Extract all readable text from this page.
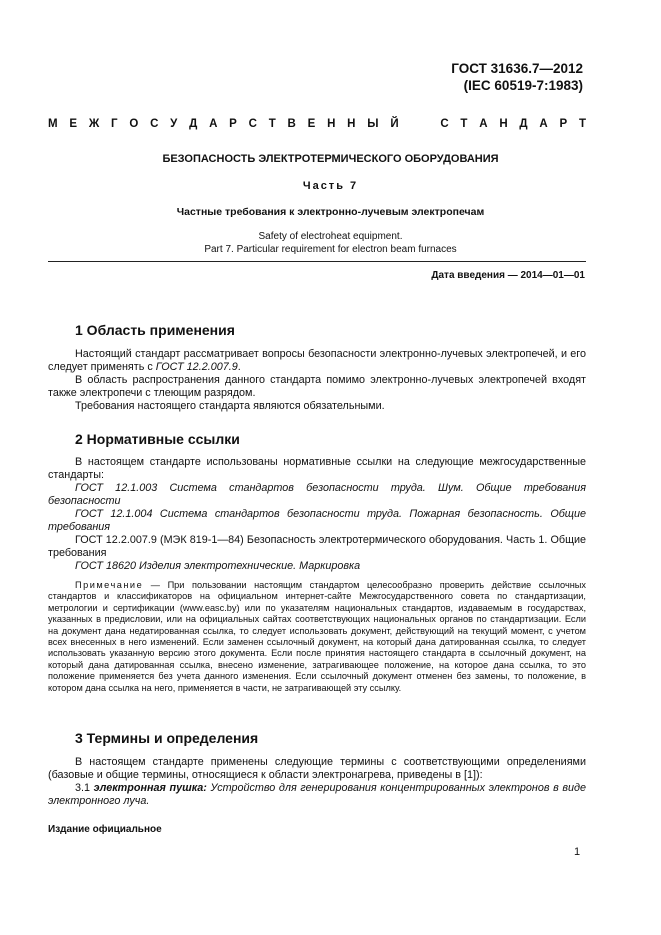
ГОСТ 31636.7—2012
(IEC 60519-7:1983)
М Е Ж Г О С У Д А Р С Т В Е Н Н Ы Й

	С Т А Н Д А Р Т
БЕЗОПАСНОСТЬ ЭЛЕКТРОТЕРМИЧЕСКОГО ОБОРУДОВАНИЯ
Часть 7
Частные требования к электронно-лучевым электропечам
Safety of electroheat equipment.
Part 7. Particular requirement for electron beam furnaces
Дата введения — 2014—01—01
1 Область применения

Настоящий стандарт рассматривает вопросы безопасности электронно-лучевых электропечей, и его следует применять с ГОСТ 12.2.007.9.

В область распространения данного стандарта помимо электронно-лучевых электропечей входят также электропечи с тлеющим разрядом.

Требования настоящего стандарта являются обязательными.

2 Нормативные ссылки

В настоящем стандарте использованы нормативные ссылки на следующие межгосударственные стандарты:

ГОСТ 12.1.003 Система стандартов безопасности труда. Шум. Общие требования безопасности

ГОСТ 12.1.004 Система стандартов безопасности труда. Пожарная безопасность. Общие требования

ГОСТ 12.2.007.9 (МЭК 819-1—84) Безопасность электротермического оборудования. Часть 1. Общие требования

ГОСТ 18620 Изделия электротехнические. Маркировка

Примечание — При пользовании настоящим стандартом целесообразно проверить действие ссылочных стандартов и классификаторов на официальном интернет-сайте Межгосударственного совета по стандартизации, метрологии и сертификации (www.easc.by) или по указателям национальных стандартов, издаваемым в государствах, указанных в предисловии, или на официальных сайтах соответствующих национальных органов по стандартизации. Если на документ дана недатированная ссылка, то следует использовать документ, действующий на текущий момент, с учетом всех внесенных в него изменений. Если заменен ссылочный документ, на который дана датированная ссылка, то следует использовать указанную версию этого документа. Если после принятия настоящего стандарта в ссылочный документ, на который дана датированная ссылка, внесено изменение, затрагивающее положение, на которое дана ссылка, то это положение применяется без учета данного изменения. Если ссылочный документ отменен без замены, то положение, в котором дана ссылка на него, применяется в части, не затрагивающей эту ссылку.

3 Термины и определения

В настоящем стандарте применены следующие термины с соответствующими определениями (базовые и общие термины, относящиеся к области электронагрева, приведены в [1]):

3.1 электронная пушка: Устройство для генерирования концентрированных электронов в виде электронного луча.

Издание официальное
1
